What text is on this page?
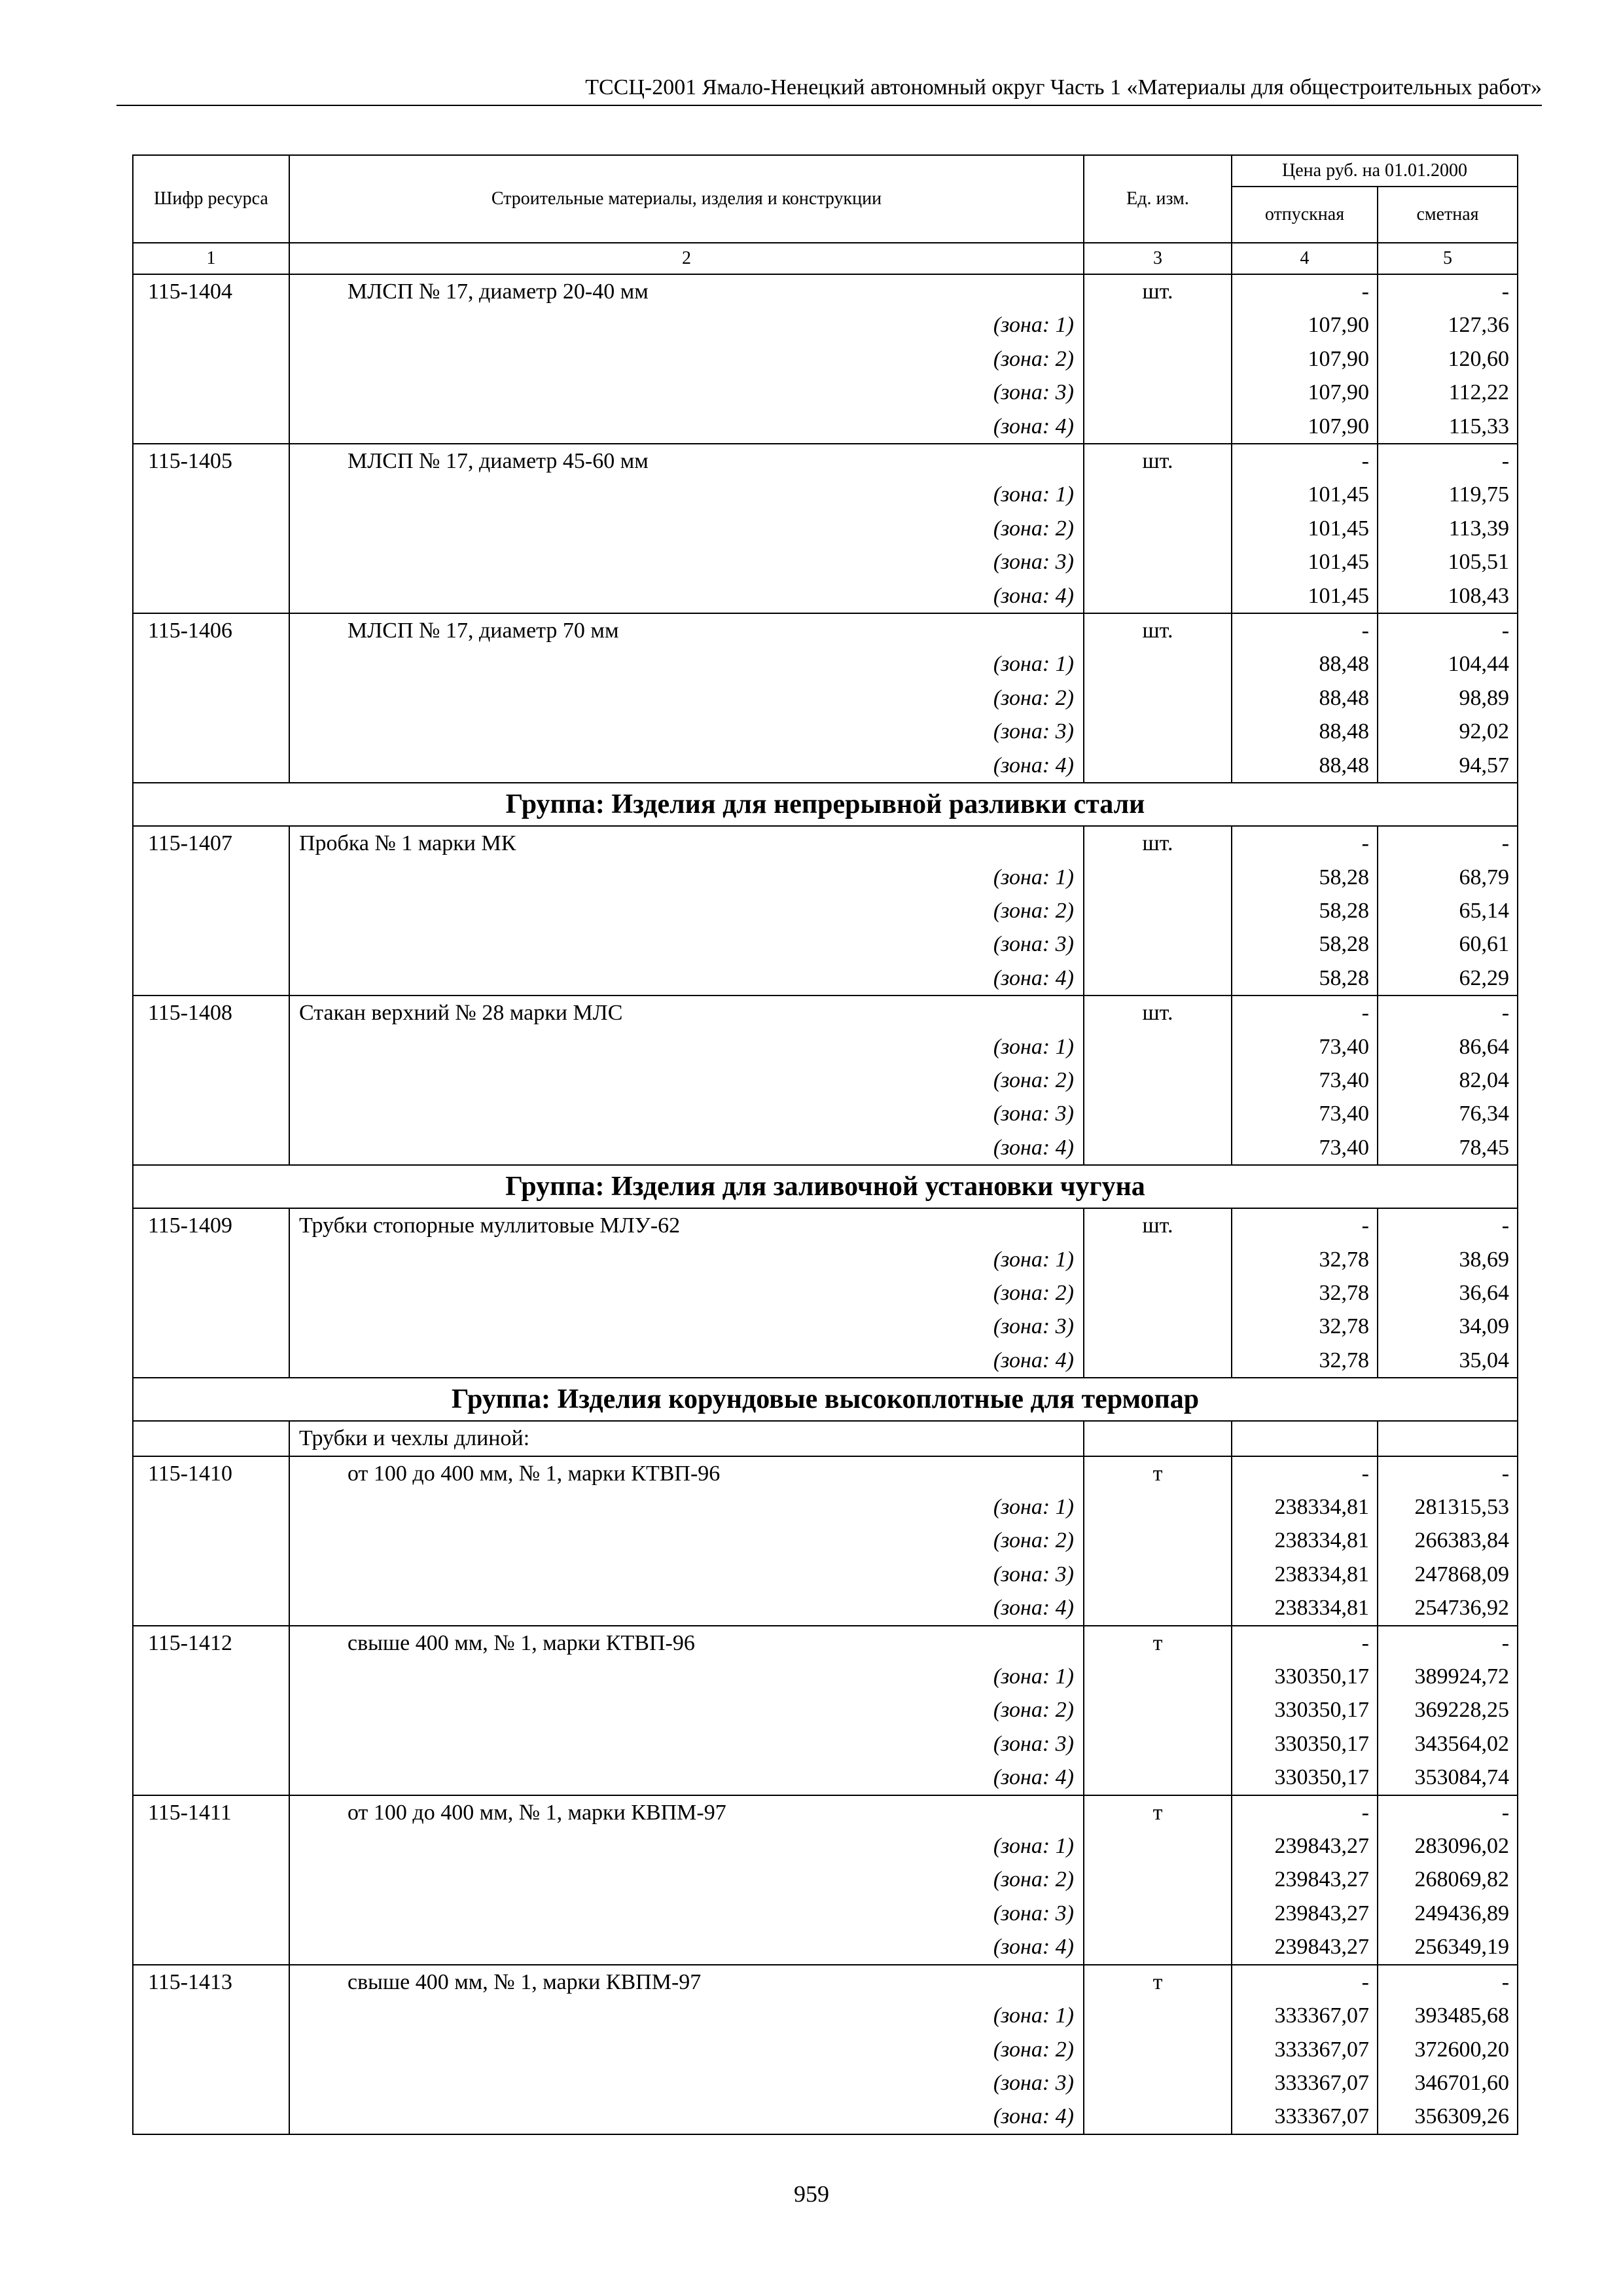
ТССЦ-2001 Ямало-Ненецкий автономный округ Часть 1 «Материалы для общестроительных работ»
Шифр ресурса	Строительные материалы, изделия и конструкции	Ед. изм.	Цена руб. на 01.01.2000	
			отпускная	сметная
1	2	3	4	5
115-1404	МЛСП № 17, диаметр 20-40 мм	шт.	-	-
	(зона: 1)		107,90	127,36
	(зона: 2)		107,90	120,60
	(зона: 3)		107,90	112,22
	(зона: 4)		107,90	115,33
115-1405	МЛСП № 17, диаметр 45-60 мм	шт.	-	-
	(зона: 1)		101,45	119,75
	(зона: 2)		101,45	113,39
	(зона: 3)		101,45	105,51
	(зона: 4)		101,45	108,43
115-1406	МЛСП № 17, диаметр 70 мм	шт.	-	-
	(зона: 1)		88,48	104,44
	(зона: 2)		88,48	98,89
	(зона: 3)		88,48	92,02
	(зона: 4)		88,48	94,57
Группа: Изделия для непрерывной разливки стали				
115-1407	Пробка № 1 марки МК	шт.	-	-
	(зона: 1)		58,28	68,79
	(зона: 2)		58,28	65,14
	(зона: 3)		58,28	60,61
	(зона: 4)		58,28	62,29
115-1408	Стакан верхний № 28 марки МЛС	шт.	-	-
	(зона: 1)		73,40	86,64
	(зона: 2)		73,40	82,04
	(зона: 3)		73,40	76,34
	(зона: 4)		73,40	78,45
Группа: Изделия для заливочной установки чугуна				
115-1409	Трубки стопорные муллитовые МЛУ-62	шт.	-	-
	(зона: 1)		32,78	38,69
	(зона: 2)		32,78	36,64
	(зона: 3)		32,78	34,09
	(зона: 4)		32,78	35,04
Группа: Изделия корундовые высокоплотные для термопар				
	Трубки и чехлы длиной:			
115-1410	от 100 до 400 мм, № 1, марки КТВП-96	т	-	-
	(зона: 1)		238334,81	281315,53
	(зона: 2)		238334,81	266383,84
	(зона: 3)		238334,81	247868,09
	(зона: 4)		238334,81	254736,92
115-1412	свыше 400 мм, № 1, марки КТВП-96	т	-	-
	(зона: 1)		330350,17	389924,72
	(зона: 2)		330350,17	369228,25
	(зона: 3)		330350,17	343564,02
	(зона: 4)		330350,17	353084,74
115-1411	от 100 до 400 мм, № 1, марки КВПМ-97	т	-	-
	(зона: 1)		239843,27	283096,02
	(зона: 2)		239843,27	268069,82
	(зона: 3)		239843,27	249436,89
	(зона: 4)		239843,27	256349,19
115-1413	свыше 400 мм, № 1, марки КВПМ-97	т	-	-
	(зона: 1)		333367,07	393485,68
	(зона: 2)		333367,07	372600,20
	(зона: 3)		333367,07	346701,60
	(зона: 4)		333367,07	356309,26
959
